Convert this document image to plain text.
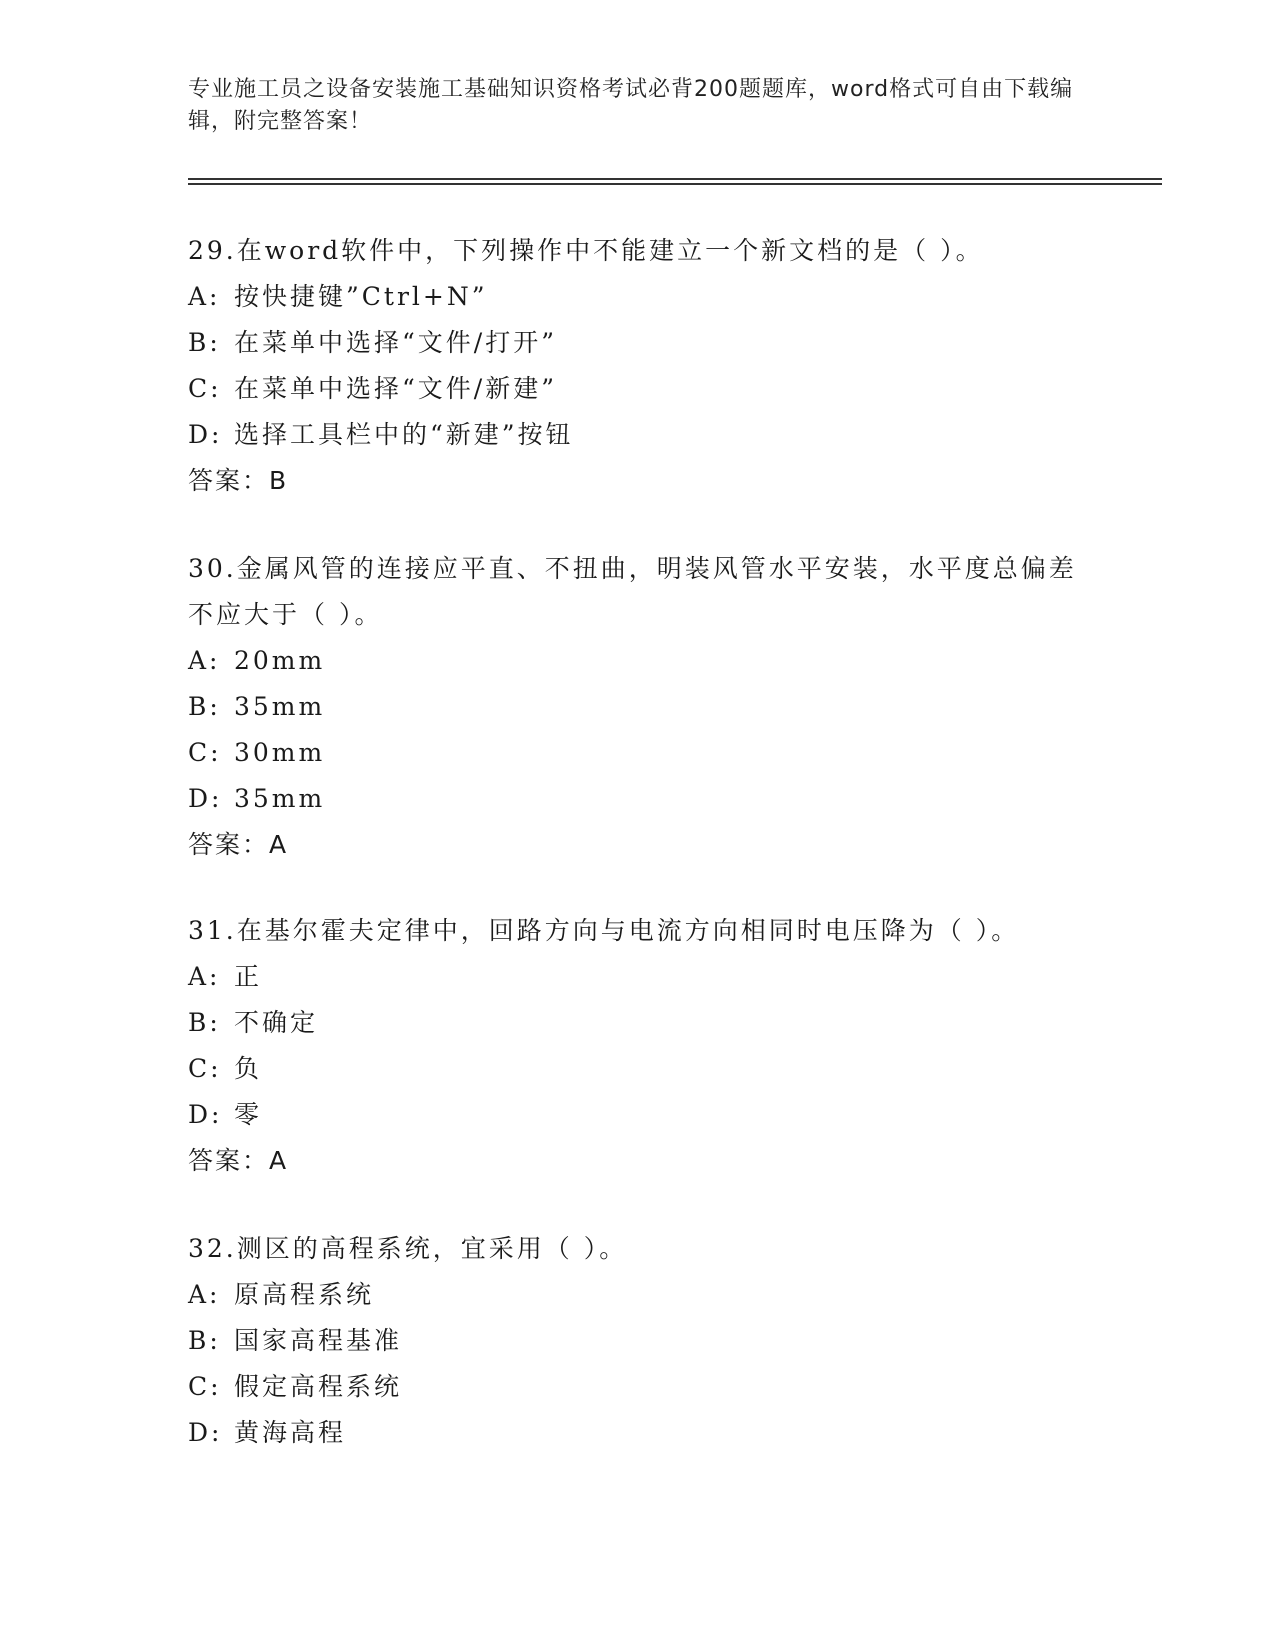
专业施工员之设备安装施工基础知识资格考试必背200题题库，word格式可自由下载编辑，附完整答案！
29.在word软件中，下列操作中不能建立一个新文档的是（ ）。
A: 按快捷键”Ctrl+N”
B: 在菜单中选择“文件/打开”
C: 在菜单中选择“文件/新建”
D: 选择工具栏中的“新建”按钮
答案：B
30.金属风管的连接应平直、不扭曲，明装风管水平安装，水平度总偏差不应大于（ ）。
A: 20mm
B: 35mm
C: 30mm
D: 35mm
答案：A
31.在基尔霍夫定律中，回路方向与电流方向相同时电压降为（ ）。
A: 正
B: 不确定
C: 负
D: 零
答案：A
32.测区的高程系统，宜采用（ ）。
A: 原高程系统
B: 国家高程基准
C: 假定高程系统
D: 黄海高程
